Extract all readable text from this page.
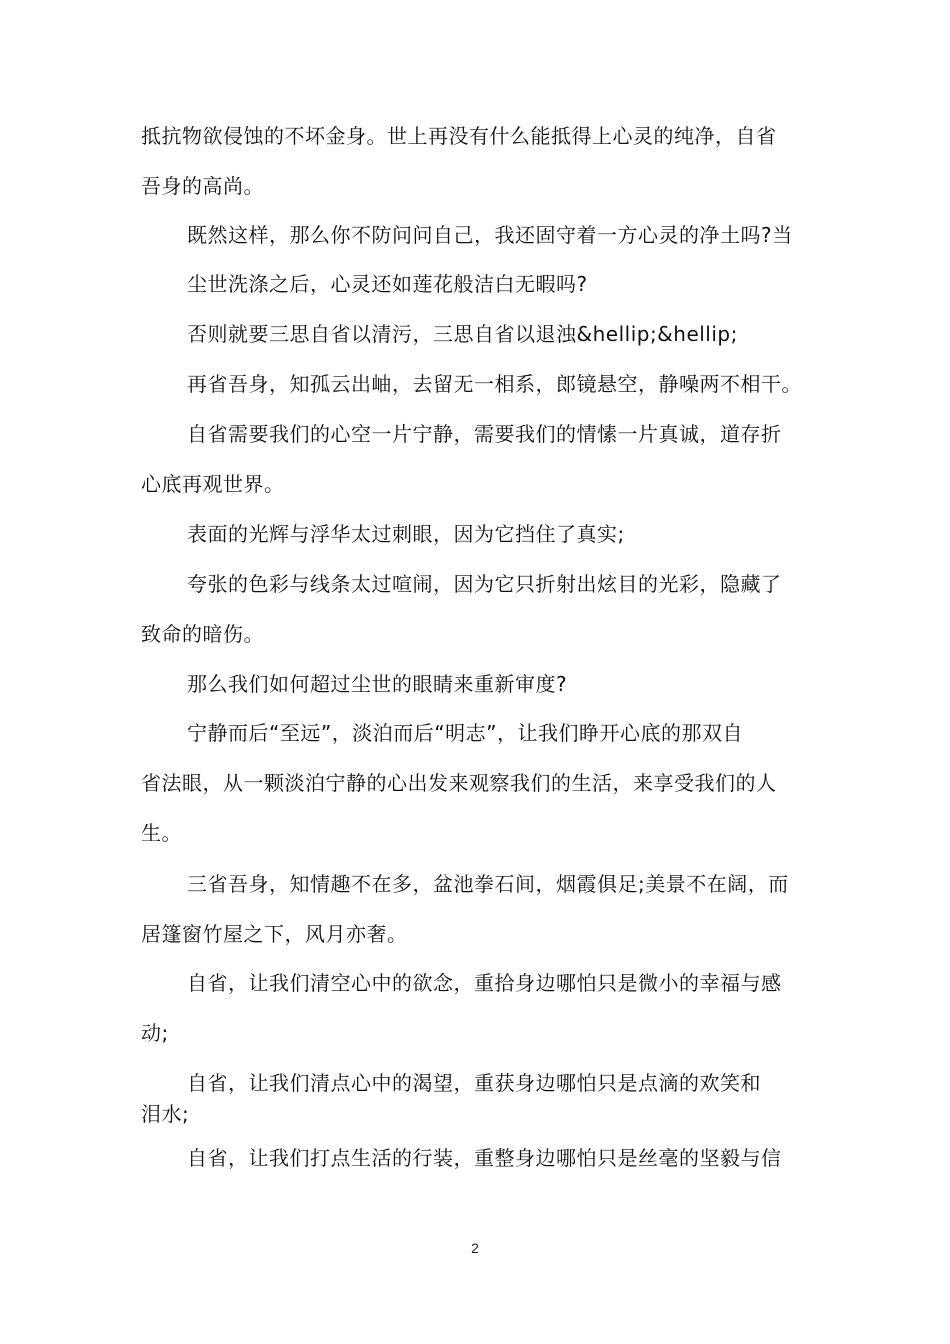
抵抗物欲侵蚀的不坏金身。世上再没有什么能抵得上心灵的纯净，自省
吾身的高尚。
既然这样，那么你不防问问自己，我还固守着一方心灵的净土吗?当
尘世洗涤之后，心灵还如莲花般洁白无暇吗?
否则就要三思自省以清污，三思自省以退浊&hellip;&hellip;
再省吾身，知孤云出岫，去留无一相系，郎镜悬空，静噪两不相干。
自省需要我们的心空一片宁静，需要我们的情愫一片真诚，道存折
心底再观世界。
表面的光辉与浮华太过刺眼，因为它挡住了真实;
夸张的色彩与线条太过喧闹，因为它只折射出炫目的光彩，隐藏了
致命的暗伤。
那么我们如何超过尘世的眼睛来重新审度?
宁静而后“至远”，淡泊而后“明志”，让我们睁开心底的那双自
省法眼，从一颗淡泊宁静的心出发来观察我们的生活，来享受我们的人
生。
三省吾身，知情趣不在多，盆池拳石间，烟霞俱足;美景不在阔，而
居篷窗竹屋之下，风月亦奢。
自省，让我们清空心中的欲念，重拾身边哪怕只是微小的幸福与感
动;
自省，让我们清点心中的渴望，重获身边哪怕只是点滴的欢笑和
泪水;
自省，让我们打点生活的行装，重整身边哪怕只是丝毫的坚毅与信
2
